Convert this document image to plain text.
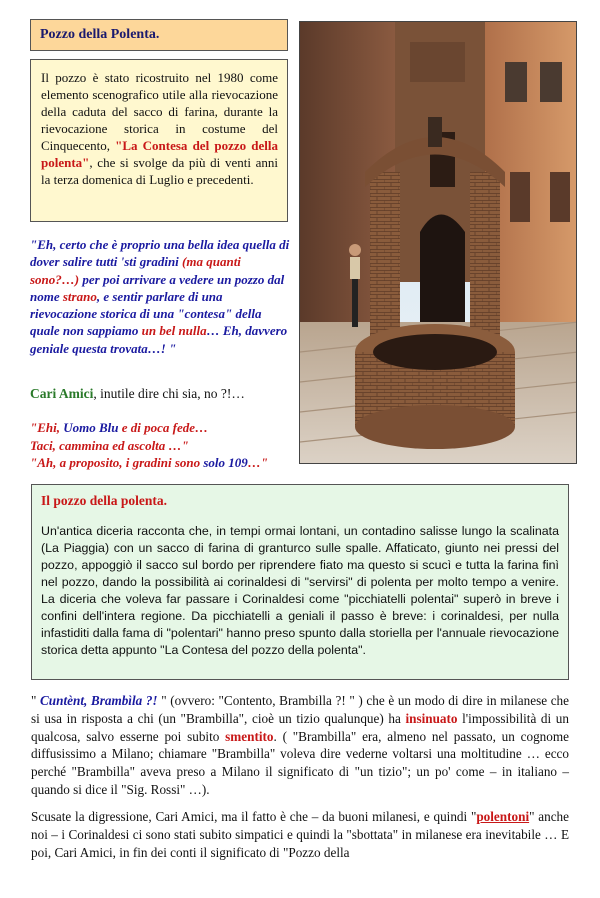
Pozzo della Polenta.
Il pozzo è stato ricostruito nel 1980 come elemento scenografico utile alla rievocazione della caduta del sacco di farina, durante la rievocazione storica in costume del Cinquecento, "La Contesa del pozzo della polenta", che si svolge da più di venti anni la terza domenica di Luglio e precedenti.
"Eh, certo che è proprio una bella idea quella di dover salire tutti 'sti gradini (ma quanti sono?…) per poi arrivare a vedere un pozzo dal nome strano, e sentir parlare di una rievocazione storica di una "contesa" della quale non sappiamo un bel nulla… Eh, davvero geniale questa trovata…! "
Cari Amici, inutile dire chi sia, no ?!…
"Ehi, Uomo Blu e di poca fede…
Taci, cammina ed ascolta …"
"Ah, a proposito, i gradini sono solo 109…"
Il pozzo della polenta.
Un'antica diceria racconta che, in tempi ormai lontani, un contadino salisse lungo la scalinata (La Piaggia) con un sacco di farina di granturco sulle spalle. Affaticato, giunto nei pressi del pozzo, appoggiò il sacco sul bordo per riprendere fiato ma questo si scucì e tutta la farina finì nel pozzo, dando la possibilità ai corinaldesi di "servirsi" di polenta per molto tempo a venire. La diceria che voleva far passare i Corinaldesi come "picchiatelli polentai" superò in breve i confini dell'intera regione. Da picchiatelli a geniali il passo è breve: i corinaldesi, per nulla infastiditi dalla fama di "polentari" hanno preso spunto dalla storiella per l'annuale rievocazione storica detta appunto "La Contesa del pozzo della polenta".
" Cuntènt, Brambìla ?! " (ovvero: "Contento, Brambilla ?! " ) che è un modo di dire in milanese che si usa in risposta a chi (un "Brambilla", cioè un tizio qualunque) ha insinuato l'impossibilità di un qualcosa, salvo esserne poi subito smentito. ( "Brambilla" era, almeno nel passato, un cognome diffusissimo a Milano; chiamare "Brambilla" voleva dire vederne voltarsi una moltitudine … ecco perché "Brambilla" aveva preso a Milano il significato di "un tizio"; un po' come – in italiano – quando si dice il "Sig. Rossi" …).
Scusate la digressione, Cari Amici, ma il fatto è che – da buoni milanesi, e quindi "polentoni" anche noi – i Corinaldesi ci sono stati subito simpatici e quindi la "sbottata" in milanese era inevitabile … E poi, Cari Amici, in fin dei conti il significato di "Pozzo della
